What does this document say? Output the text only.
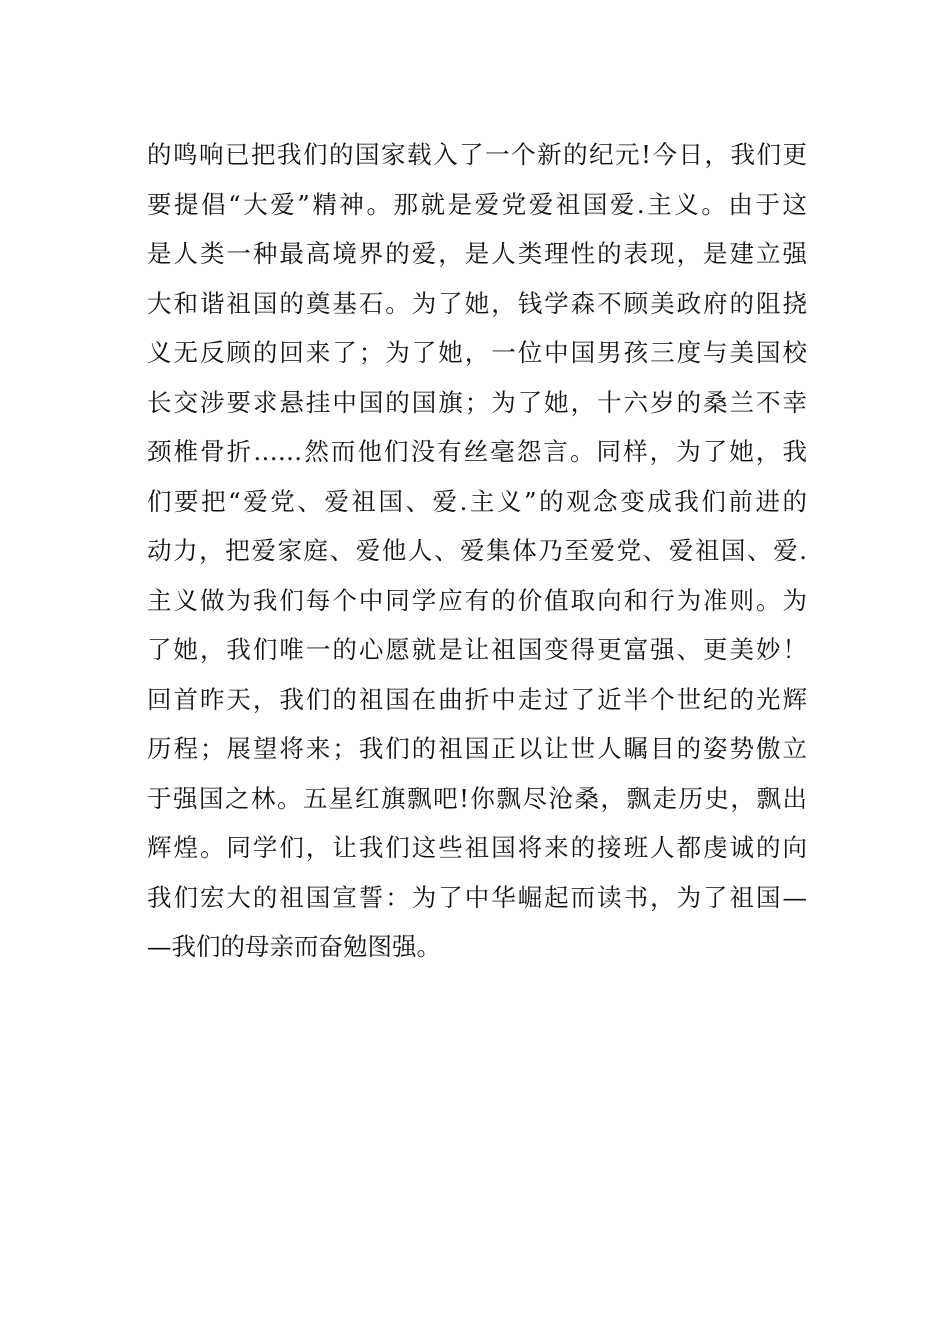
的鸣响已把我们的国家载入了一个新的纪元!今日，我们更
要提倡“大爱”精神。那就是爱党爱祖国爱.主义。由于这
是人类一种最高境界的爱，是人类理性的表现，是建立强
大和谐祖国的奠基石。为了她，钱学森不顾美政府的阻挠
义无反顾的回来了；为了她，一位中国男孩三度与美国校
长交涉要求悬挂中国的国旗；为了她，十六岁的桑兰不幸
颈椎骨折……然而他们没有丝毫怨言。同样，为了她，我
们要把“爱党、爱祖国、爱.主义”的观念变成我们前进的
动力，把爱家庭、爱他人、爱集体乃至爱党、爱祖国、爱.
主义做为我们每个中同学应有的价值取向和行为准则。为
了她，我们唯一的心愿就是让祖国变得更富强、更美妙！
回首昨天，我们的祖国在曲折中走过了近半个世纪的光辉
历程；展望将来；我们的祖国正以让世人瞩目的姿势傲立
于强国之林。五星红旗飘吧!你飘尽沧桑，飘走历史，飘出
辉煌。同学们，让我们这些祖国将来的接班人都虔诚的向
我们宏大的祖国宣誓：为了中华崛起而读书，为了祖国—
—我们的母亲而奋勉图强。
